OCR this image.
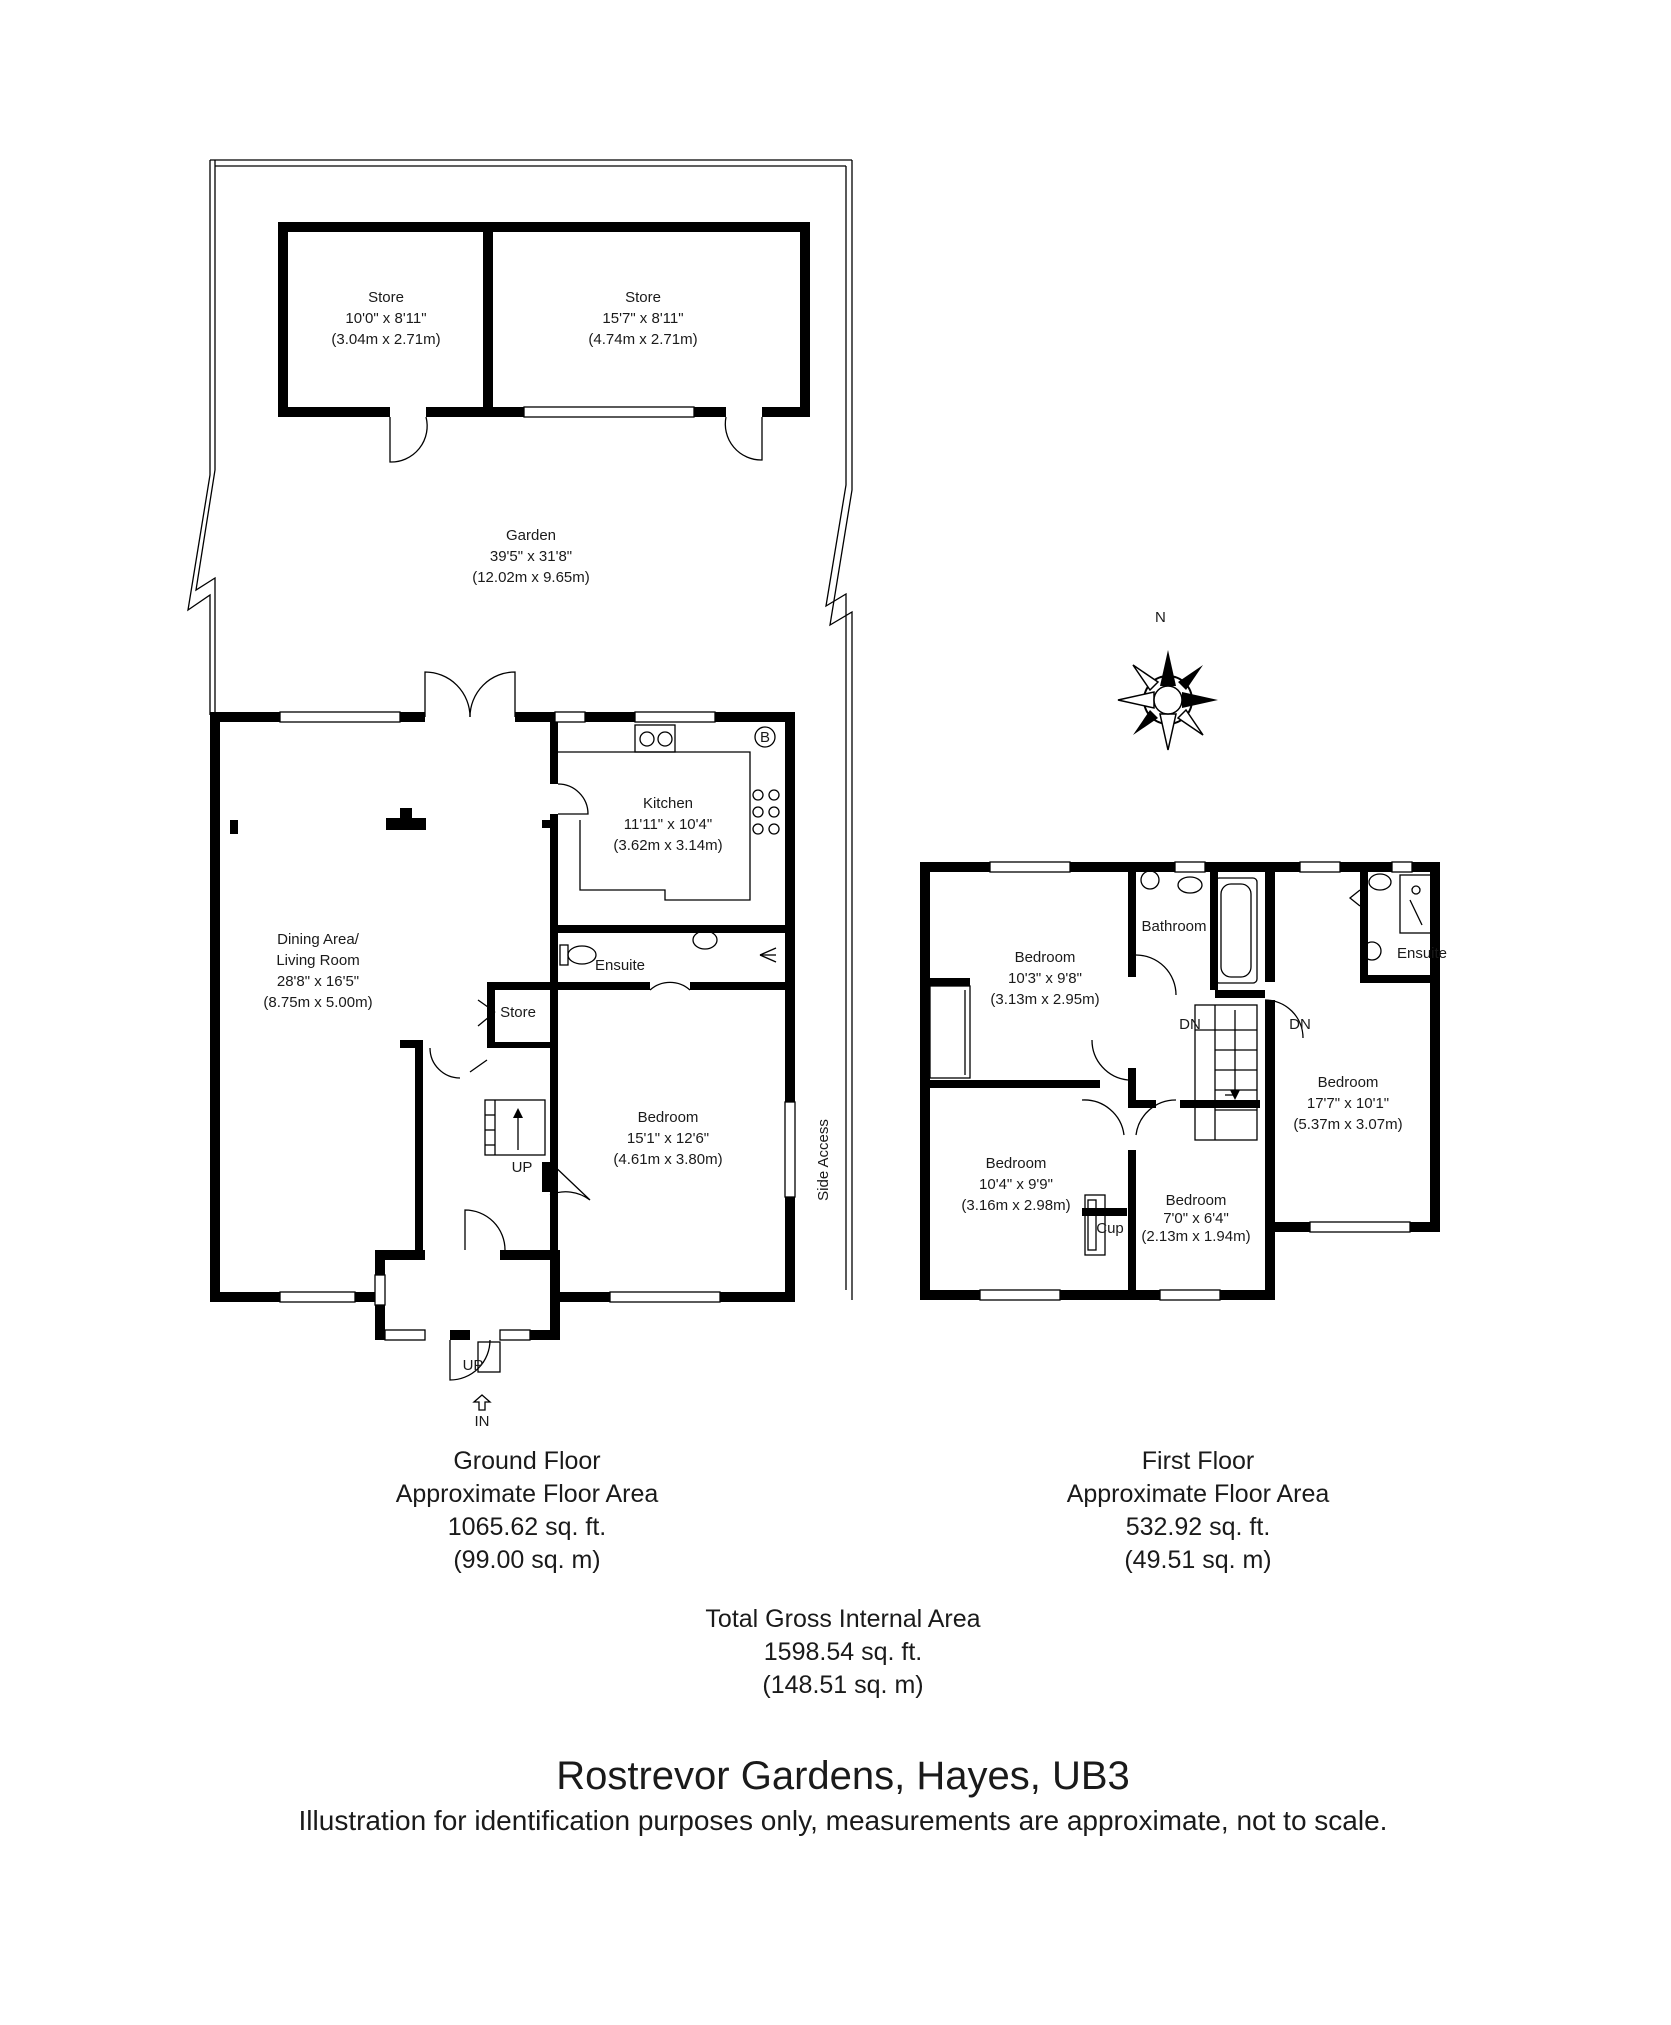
B
N
Store
10'0" x 8'11"
(3.04m x 2.71m)
Store
15'7" x 8'11"
(4.74m x 2.71m)
Garden
39'5" x 31'8"
(12.02m x 9.65m)
Kitchen
11'11" x 10'4"
(3.62m x 3.14m)
Dining Area/
Living Room
28'8" x 16'5"
(8.75m x 5.00m)
Ensuite
Store
Bedroom
15'1" x 12'6"
(4.61m x 3.80m)	Side Access
UP
UP
IN
Bedroom
10'3" x 9'8"
(3.13m x 2.95m)
Bathroom
Ensuite
Bedroom
17'7" x 10'1"
(5.37m x 3.07m)
Bedroom
10'4" x 9'9"
(3.16m x 2.98m)	Bedroom
7'0" x 6'4"
(2.13m x 1.94m)
Cup
DN	DN
Ground Floor
Approximate Floor Area
1065.62 sq. ft.
(99.00 sq. m)
First Floor
Approximate Floor Area
532.92 sq. ft.
(49.51 sq. m)
Total Gross Internal Area
1598.54 sq. ft.
(148.51 sq. m)
Rostrevor Gardens, Hayes, UB3
Illustration for identification purposes only, measurements are approximate, not to scale.
